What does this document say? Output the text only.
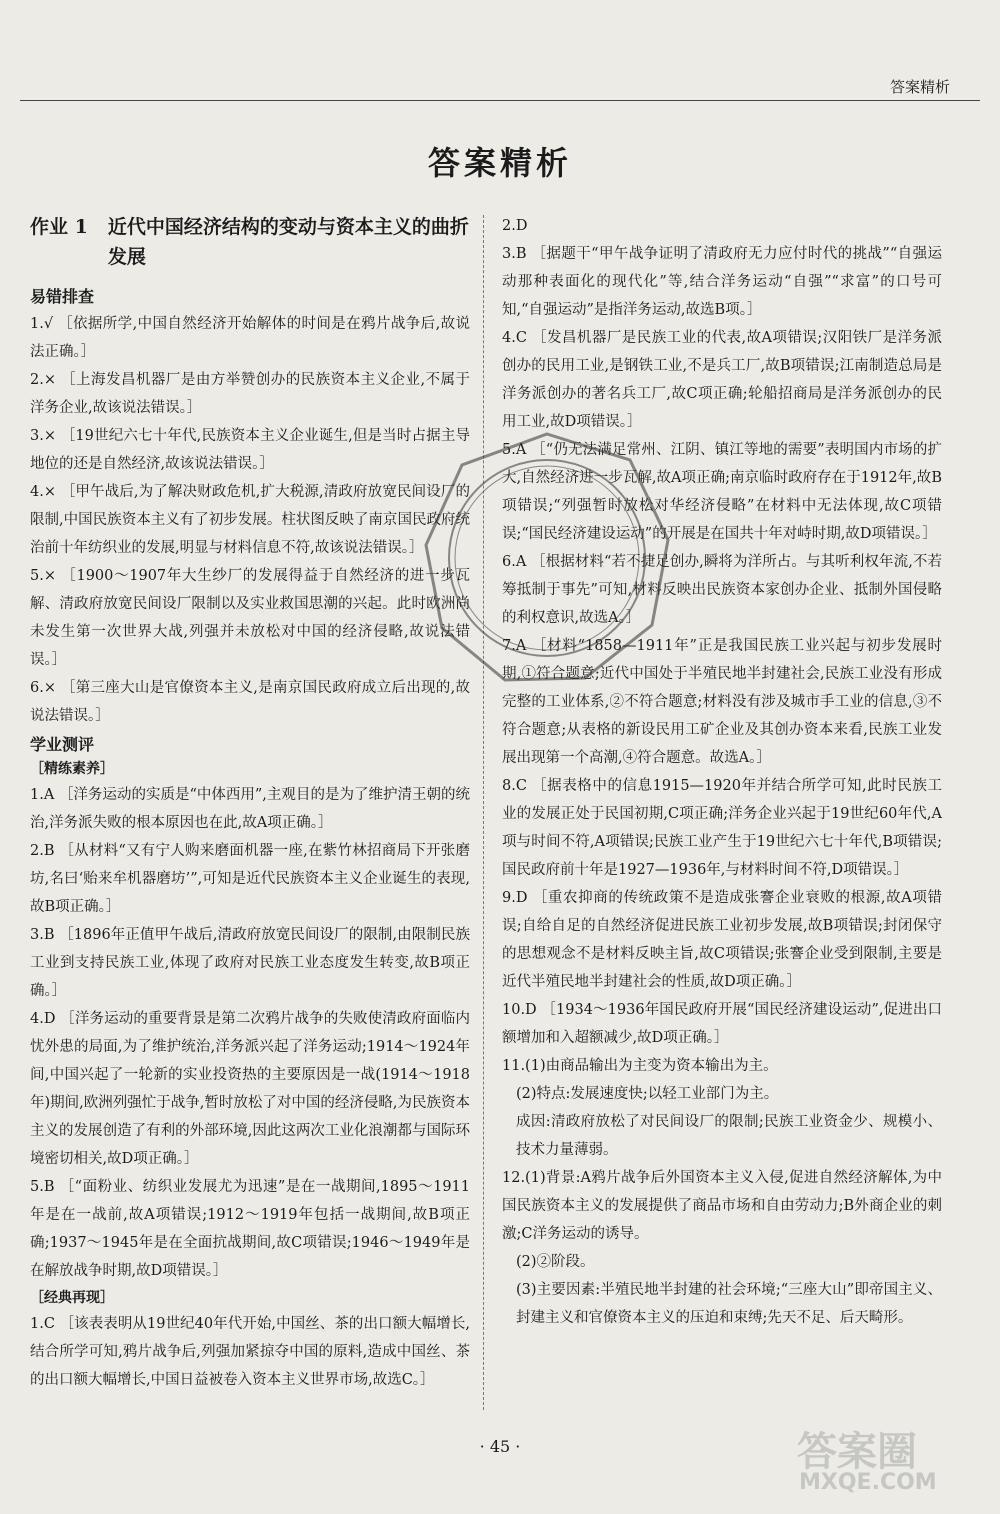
答案精析
答案精析
作业 1 近代中国经济结构的变动与资本主义的曲折发展
易错排查
1.√ ［依据所学,中国自然经济开始解体的时间是在鸦片战争后,故说法正确。］
2.× ［上海发昌机器厂是由方举赞创办的民族资本主义企业,不属于洋务企业,故该说法错误。］
3.× ［19世纪六七十年代,民族资本主义企业诞生,但是当时占据主导地位的还是自然经济,故该说法错误。］
4.× ［甲午战后,为了解决财政危机,扩大税源,清政府放宽民间设厂的限制,中国民族资本主义有了初步发展。柱状图反映了南京国民政府统治前十年纺织业的发展,明显与材料信息不符,故该说法错误。］
5.× ［1900～1907年大生纱厂的发展得益于自然经济的进一步瓦解、清政府放宽民间设厂限制以及实业救国思潮的兴起。此时欧洲尚未发生第一次世界大战,列强并未放松对中国的经济侵略,故说法错误。］
6.× ［第三座大山是官僚资本主义,是南京国民政府成立后出现的,故说法错误。］
学业测评
［精练素养］
1.A ［洋务运动的实质是“中体西用”,主观目的是为了维护清王朝的统治,洋务派失败的根本原因也在此,故A项正确。］
2.B ［从材料“又有宁人购来磨面机器一座,在紫竹林招商局下开张磨坊,名曰‘贻来牟机器磨坊’”,可知是近代民族资本主义企业诞生的表现,故B项正确。］
3.B ［1896年正值甲午战后,清政府放宽民间设厂的限制,由限制民族工业到支持民族工业,体现了政府对民族工业态度发生转变,故B项正确。］
4.D ［洋务运动的重要背景是第二次鸦片战争的失败使清政府面临内忧外患的局面,为了维护统治,洋务派兴起了洋务运动;1914～1924年间,中国兴起了一轮新的实业投资热的主要原因是一战(1914～1918年)期间,欧洲列强忙于战争,暂时放松了对中国的经济侵略,为民族资本主义的发展创造了有利的外部环境,因此这两次工业化浪潮都与国际环境密切相关,故D项正确。］
5.B ［“面粉业、纺织业发展尤为迅速”是在一战期间,1895～1911年是在一战前,故A项错误;1912～1919年包括一战期间,故B项正确;1937～1945年是在全面抗战期间,故C项错误;1946～1949年是在解放战争时期,故D项错误。］
［经典再现］
1.C ［该表表明从19世纪40年代开始,中国丝、茶的出口额大幅增长,结合所学可知,鸦片战争后,列强加紧掠夺中国的原料,造成中国丝、茶的出口额大幅增长,中国日益被卷入资本主义世界市场,故选C。］
2.D
3.B ［据题干“甲午战争证明了清政府无力应付时代的挑战”“自强运动那种表面化的现代化”等,结合洋务运动“自强”“求富”的口号可知,“自强运动”是指洋务运动,故选B项。］
4.C ［发昌机器厂是民族工业的代表,故A项错误;汉阳铁厂是洋务派创办的民用工业,是钢铁工业,不是兵工厂,故B项错误;江南制造总局是洋务派创办的著名兵工厂,故C项正确;轮船招商局是洋务派创办的民用工业,故D项错误。］
5.A ［“仍无法满足常州、江阴、镇江等地的需要”表明国内市场的扩大,自然经济进一步瓦解,故A项正确;南京临时政府存在于1912年,故B项错误;“列强暂时放松对华经济侵略”在材料中无法体现,故C项错误;“国民经济建设运动”的开展是在国共十年对峙时期,故D项错误。］
6.A ［根据材料“若不捷足创办,瞬将为洋所占。与其听利权年流,不若筹抵制于事先”可知,材料反映出民族资本家创办企业、抵制外国侵略的利权意识,故选A。］
7.A ［材料“1858—1911年”正是我国民族工业兴起与初步发展时期,①符合题意;近代中国处于半殖民地半封建社会,民族工业没有形成完整的工业体系,②不符合题意;材料没有涉及城市手工业的信息,③不符合题意;从表格的新设民用工矿企业及其创办资本来看,民族工业发展出现第一个高潮,④符合题意。故选A。］
8.C ［据表格中的信息1915—1920年并结合所学可知,此时民族工业的发展正处于民国初期,C项正确;洋务企业兴起于19世纪60年代,A项与时间不符,A项错误;民族工业产生于19世纪六七十年代,B项错误;国民政府前十年是1927—1936年,与材料时间不符,D项错误。］
9.D ［重农抑商的传统政策不是造成张謇企业衰败的根源,故A项错误;自给自足的自然经济促进民族工业初步发展,故B项错误;封闭保守的思想观念不是材料反映主旨,故C项错误;张謇企业受到限制,主要是近代半殖民地半封建社会的性质,故D项正确。］
10.D ［1934～1936年国民政府开展“国民经济建设运动”,促进出口额增加和入超额减少,故D项正确。］
11.(1)由商品输出为主变为资本输出为主。
(2)特点:发展速度快;以轻工业部门为主。
成因:清政府放松了对民间设厂的限制;民族工业资金少、规模小、技术力量薄弱。
12.(1)背景:A鸦片战争后外国资本主义入侵,促进自然经济解体,为中国民族资本主义的发展提供了商品市场和自由劳动力;B外商企业的刺激;C洋务运动的诱导。
(2)②阶段。
(3)主要因素:半殖民地半封建的社会环境;“三座大山”即帝国主义、封建主义和官僚资本主义的压迫和束缚;先天不足、后天畸形。
· 45 ·	答案圈
MXQE.COM
